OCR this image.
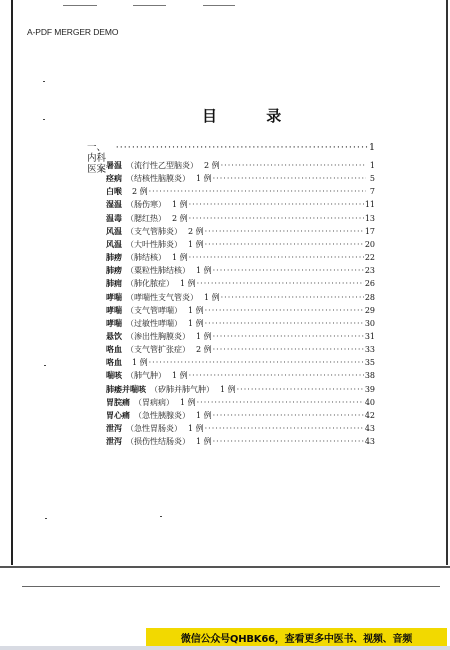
A-PDF MERGER DEMO
目 录
一、内科医案
·····
1
暑温 （流行性乙型脑炎） 2 例 ·····	1
痉病 （结核性脑膜炎） 1 例 ·····	5
白喉 2 例 ·····	7
湿温 （肠伤寒） 1 例 ·····	11
温毒 （腮红热） 2 例 ·····	13
风温 （支气管肺炎） 2 例 ·····	17
风温 （大叶性肺炎） 1 例 ·····	20
肺痨 （肺结核） 1 例 ·····	22
肺痨 （粟粒性肺结核） 1 例 ·····	23
肺痈 （肺化脓症） 1 例 ·····	26
哮喘 （哮喘性支气管炎） 1 例 ·····	28
哮喘 （支气管哮喘） 1 例 ·····	29
哮喘 （过敏性哮喘） 1 例 ·····	30
悬饮 （渗出性胸膜炎） 1 例 ·····	31
咯血 （支气管扩张症） 2 例 ·····	33
咯血 1 例 ·····	35
喘咳 （肺气肿） 1 例 ·····	38
肺痿并喘咳 （矽肺并肺气肿） 1 例 ·····	39
胃脘痛 （胃病病） 1 例 ·····	40
胃心痛 （急性胰腺炎） 1 例 ·····	42
泄泻 （急性胃肠炎） 1 例 ·····	43
泄泻 （损伤性结肠炎） 1 例 ·····	43
微信公众号QHBK66，查看更多中医书、视频、音频
